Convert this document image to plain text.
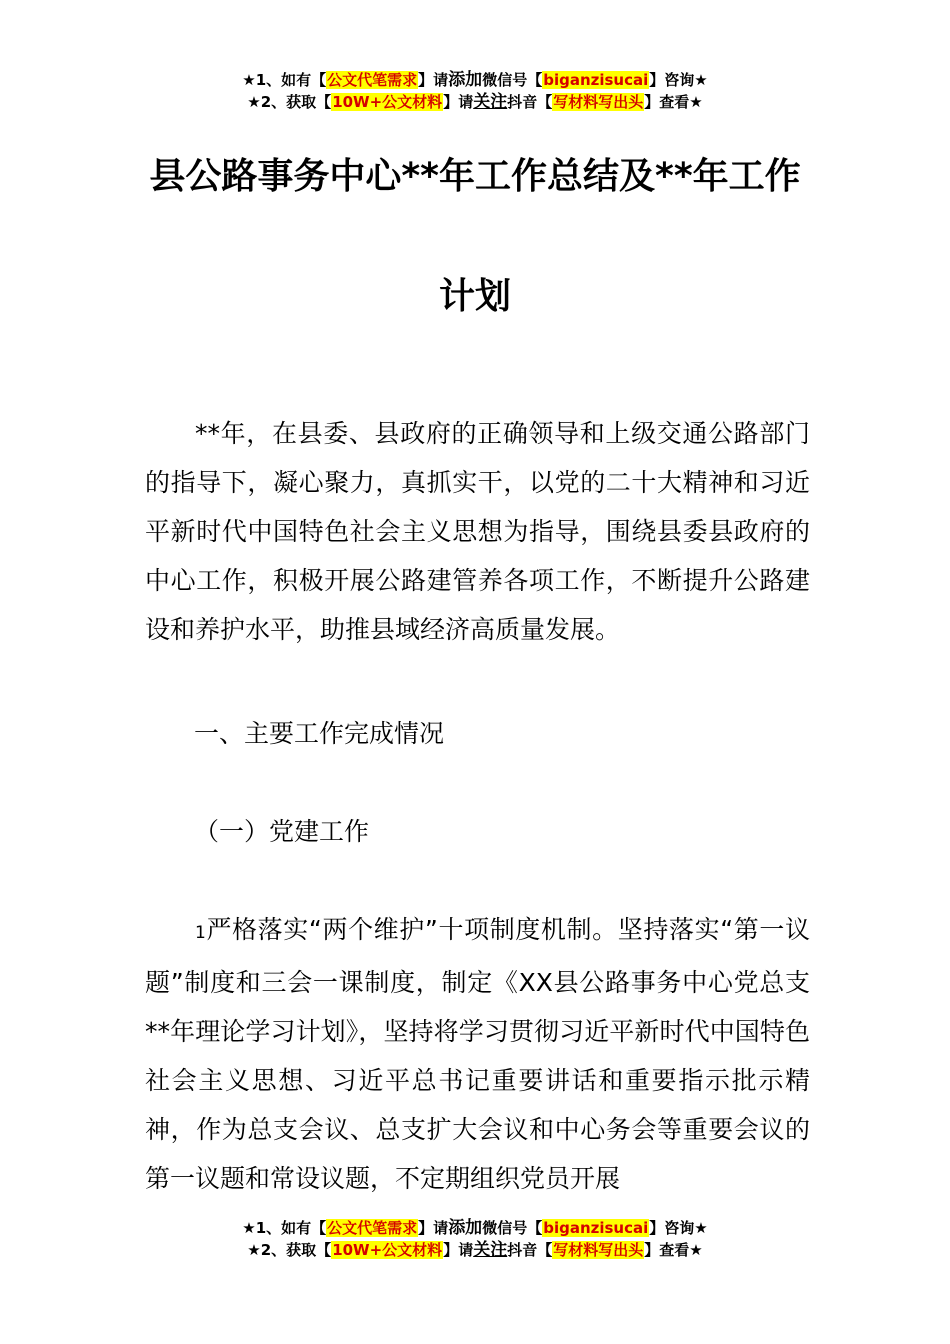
★1、如有【公文代笔需求】请添加微信号【biganzisucai】咨询★
★2、获取【10W+公文材料】请关注抖音【写材料写出头】查看★
县公路事务中心**年工作总结及**年工作
计划
**年，在县委、县政府的正确领导和上级交通公路部门的指导下，凝心聚力，真抓实干，以党的二十大精神和习近平新时代中国特色社会主义思想为指导，围绕县委县政府的中心工作，积极开展公路建管养各项工作，不断提升公路建设和养护水平，助推县域经济高质量发展。
一、主要工作完成情况
（一）党建工作
1严格落实“两个维护”十项制度机制。坚持落实“第一议题”制度和三会一课制度，制定《XX县公路事务中心党总支**年理论学习计划》，坚持将学习贯彻习近平新时代中国特色社会主义思想、习近平总书记重要讲话和重要指示批示精神，作为总支会议、总支扩大会议和中心务会等重要会议的第一议题和常设议题，不定期组织党员开展
★1、如有【公文代笔需求】请添加微信号【biganzisucai】咨询★
★2、获取【10W+公文材料】请关注抖音【写材料写出头】查看★
